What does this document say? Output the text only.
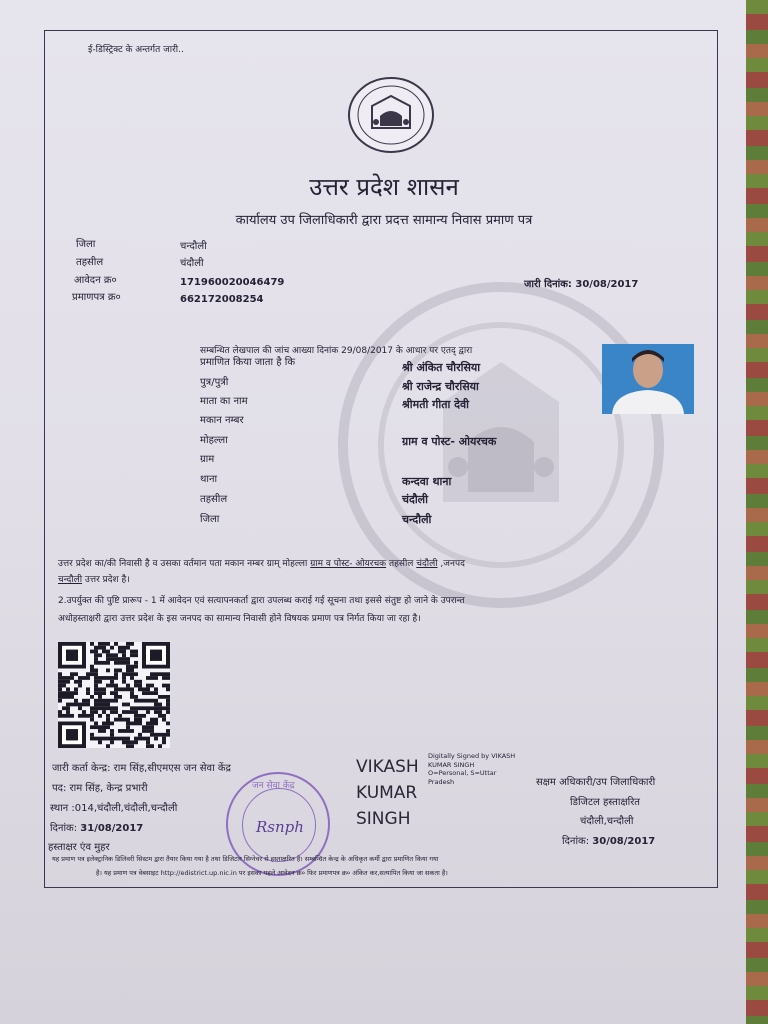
ई-डिस्ट्रिक्ट के अन्तर्गत जारी..
उत्तर प्रदेश शासन
कार्यालय उप जिलाधिकारी द्वारा प्रदत्त सामान्य निवास प्रमाण पत्र
जिला	चन्दौली
तहसील	चंदौली
आवेदन क्र०	171960020046479
प्रमाणपत्र क्र०	662172008254
जारी दिनांक: 30/08/2017
सम्बन्धित लेखपाल की जांच आख्या दिनांक 29/08/2017 के आधार पर एतद् द्वारा
प्रमाणित किया जाता है कि	श्री अंकित चौरसिया
पुत्र/पुत्री	श्री राजेन्द्र चौरसिया
माता का नाम	श्रीमती गीता देवी
मकान नम्बर
मोहल्ला	ग्राम व पोस्ट- ओयरचक
ग्राम
थाना	कन्दवा थाना
तहसील	चंदौली
जिला	चन्दौली
उत्तर प्रदेश का/की निवासी है व उसका वर्तमान पता मकान नम्बर ग्राम् मोहल्ला ग्राम व पोस्ट- ओयरचक तहसील चंदौली ,जनपद
चन्दौली उत्तर प्रदेश है।
2.उपर्युक्त की पुष्टि प्रारूप - 1 में आवेदन एवं सत्यापनकर्ता द्वारा उपलब्ध कराई गई सूचना तथा इससे संतुष्ट हो जाने के उपरान्त
अधोहस्ताक्षरी द्वारा उत्तर प्रदेश के इस जनपद का सामान्य निवासी होने विषयक प्रमाण पत्र निर्गत किया जा रहा है।
जारी कर्ता केन्द्र: राम सिंह,सीएमएस जन सेवा केंद्र
पद: राम सिंह, केन्द्र प्रभारी
स्थान :014,चंदौली,चंदौली,चन्दौली
दिनांक: 31/08/2017
हस्ताक्षर एंव मुहर
जन सेवा केंद्र
Rsnph
VIKASH
KUMAR
SINGH
Digitally Signed by VIKASH
KUMAR SINGH
O=Personal, S=Uttar
Pradesh	सक्षम अधिकारी/उप जिलाधिकारी
डिजिटल हस्ताक्षरित
चंदौली,चन्दौली
दिनांक: 30/08/2017
यह प्रमाण पत्र इलेक्ट्रानिक डिलिवरी सिस्टम द्वारा तैयार किया गया है तथा डिजिटल सिग्नेचर से हस्ताक्षरित है। सम्बन्धित केन्द्र के अधिकृत कर्मी द्वारा प्रमाणित किया गया
है। यह प्रमाण पत्र वेबसाइट http://edistrict.up.nic.in पर इसका पहले आवेदन क्र० फिर प्रमाणपत्र क्र० अंकित कर,सत्यापित किया जा सकता है।
